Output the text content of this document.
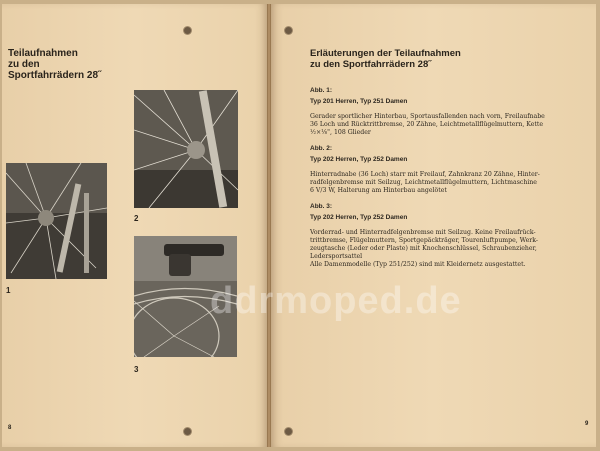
Teilaufnahmen
zu den
Sportfahrrädern 28˝
1
2
3
8
Erläuterungen der Teilaufnahmen
zu den Sportfahrrädern 28˝
Abb. 1:
Typ 201 Herren, Typ 251 Damen
Gerader sportlicher Hinterbau, Sportausfallenden nach vorn, Freilaufnabe
36 Loch und Rücktrittbremse, 20 Zähne, Leichtmetallflügelmuttern, Kette
½×⅛", 108 Glieder
Abb. 2:
Typ 202 Herren, Typ 252 Damen
Hinterradnabe (36 Loch) starr mit Freilauf, Zahnkranz 20 Zähne, Hinter-
radfelgenbremse mit Seilzug, Leichtmetallflügelmuttern, Lichtmaschine
6 V/3 W, Halterung am Hinterbau angelötet
Abb. 3:
Typ 202 Herren, Typ 252 Damen
Vorderrad- und Hinterradfelgenbremse mit Seilzug. Keine Freilaufrück-
trittbremse, Flügelmuttern, Sportgepäckträger, Tourenluftpumpe, Werk-
zeugtasche (Leder oder Plaste) mit Knochenschlüssel, Schraubenzieher,
Ledersportsattel
Alle Damenmodelle (Typ 251/252) sind mit Kleidernetz ausgestattet.
9
ddrmoped.de
